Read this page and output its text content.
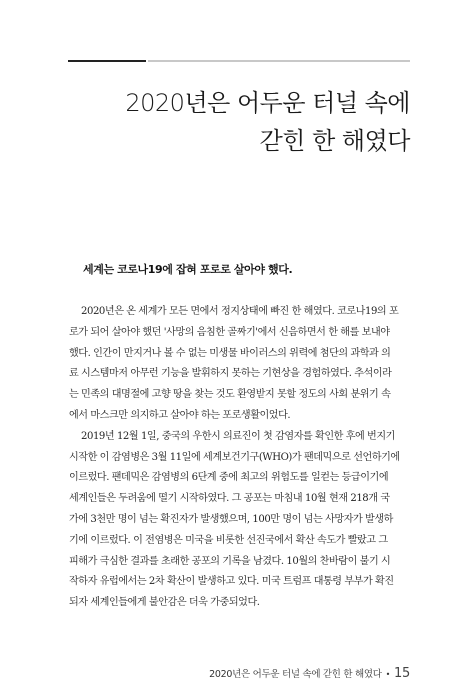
2020년은 어두운 터널 속에
갇힌 한 해였다
세계는 코로나19에 잡혀 포로로 살아야 했다.
2020년은 온 세계가 모든 면에서 정지상태에 빠진 한 해였다. 코로나19의 포
로가 되어 살아야 했던 '사망의 음침한 골짜기'에서 신음하면서 한 해를 보내야
했다. 인간이 만지거나 볼 수 없는 미생물 바이러스의 위력에 첨단의 과학과 의
료 시스템마저 아무런 기능을 발휘하지 못하는 기현상을 경험하였다. 추석이라
는 민족의 대명절에 고향 땅을 찾는 것도 환영받지 못할 정도의 사회 분위기 속
에서 마스크만 의지하고 살아야 하는 포로생활이었다.
2019년 12월 1일, 중국의 우한시 의료진이 첫 감염자를 확인한 후에 번지기
시작한 이 감염병은 3월 11일에 세계보건기구(WHO)가 팬데믹으로 선언하기에
이르렀다. 팬데믹은 감염병의 6단계 중에 최고의 위험도를 일컫는 등급이기에
세계인들은 두려움에 떨기 시작하였다. 그 공포는 마침내 10월 현재 218개 국
가에 3천만 명이 넘는 확진자가 발생했으며, 100만 명이 넘는 사망자가 발생하
기에 이르렀다. 이 전염병은 미국을 비롯한 선진국에서 확산 속도가 빨랐고 그
피해가 극심한 결과를 초래한 공포의 기록을 남겼다. 10월의 찬바람이 불기 시
작하자 유럽에서는 2차 확산이 발생하고 있다. 미국 트럼프 대통령 부부가 확진
되자 세계인들에게 불안감은 더욱 가중되었다.
2020년은 어두운 터널 속에 갇힌 한 해였다 • 15
